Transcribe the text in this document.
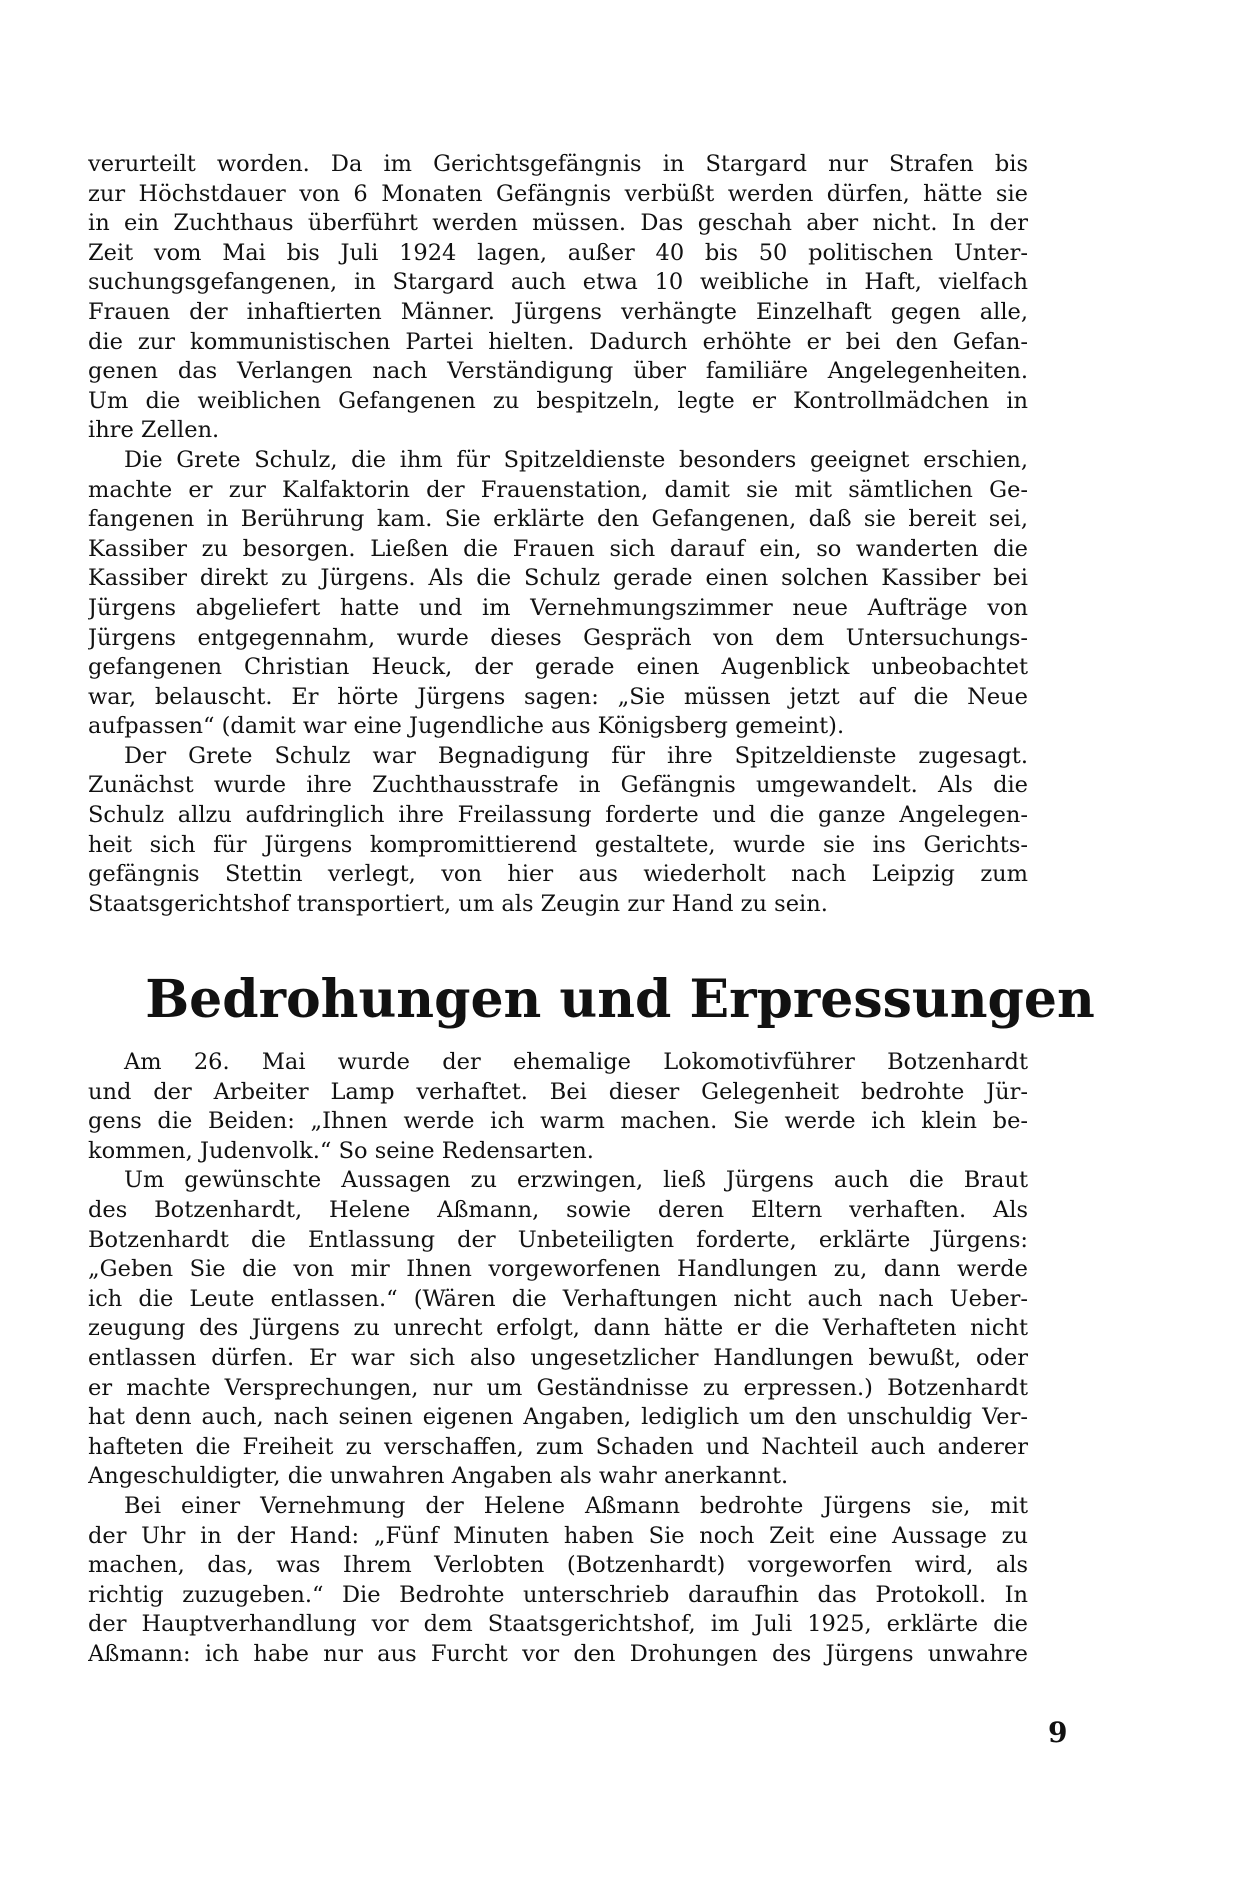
verurteilt worden. Da im Gerichtsgefängnis in Stargard nur Strafen bis
zur Höchstdauer von 6 Monaten Gefängnis verbüßt werden dürfen, hätte sie
in ein Zuchthaus überführt werden müssen. Das geschah aber nicht. In der
Zeit vom Mai bis Juli 1924 lagen, außer 40 bis 50 politischen Unter-
suchungsgefangenen, in Stargard auch etwa 10 weibliche in Haft, vielfach
Frauen der inhaftierten Männer. Jürgens verhängte Einzelhaft gegen alle,
die zur kommunistischen Partei hielten. Dadurch erhöhte er bei den Gefan-
genen das Verlangen nach Verständigung über familiäre Angelegenheiten.
Um die weiblichen Gefangenen zu bespitzeln, legte er Kontrollmädchen in
ihre Zellen.
Die Grete Schulz, die ihm für Spitzeldienste besonders geeignet erschien,
machte er zur Kalfaktorin der Frauenstation, damit sie mit sämtlichen Ge-
fangenen in Berührung kam. Sie erklärte den Gefangenen, daß sie bereit sei,
Kassiber zu besorgen. Ließen die Frauen sich darauf ein, so wanderten die
Kassiber direkt zu Jürgens. Als die Schulz gerade einen solchen Kassiber bei
Jürgens abgeliefert hatte und im Vernehmungszimmer neue Aufträge von
Jürgens entgegennahm, wurde dieses Gespräch von dem Untersuchungs-
gefangenen Christian Heuck, der gerade einen Augenblick unbeobachtet
war, belauscht. Er hörte Jürgens sagen: „Sie müssen jetzt auf die Neue
aufpassen“ (damit war eine Jugendliche aus Königsberg gemeint).
Der Grete Schulz war Begnadigung für ihre Spitzeldienste zugesagt.
Zunächst wurde ihre Zuchthausstrafe in Gefängnis umgewandelt. Als die
Schulz allzu aufdringlich ihre Freilassung forderte und die ganze Angelegen-
heit sich für Jürgens kompromittierend gestaltete, wurde sie ins Gerichts-
gefängnis Stettin verlegt, von hier aus wiederholt nach Leipzig zum
Staatsgerichtshof transportiert, um als Zeugin zur Hand zu sein.
Bedrohungen und Erpressungen
Am 26. Mai wurde der ehemalige Lokomotivführer Botzenhardt
und der Arbeiter Lamp verhaftet. Bei dieser Gelegenheit bedrohte Jür-
gens die Beiden: „Ihnen werde ich warm machen. Sie werde ich klein be-
kommen, Judenvolk.“ So seine Redensarten.
Um gewünschte Aussagen zu erzwingen, ließ Jürgens auch die Braut
des Botzenhardt, Helene Aßmann, sowie deren Eltern verhaften. Als
Botzenhardt die Entlassung der Unbeteiligten forderte, erklärte Jürgens:
„Geben Sie die von mir Ihnen vorgeworfenen Handlungen zu, dann werde
ich die Leute entlassen.“ (Wären die Verhaftungen nicht auch nach Ueber-
zeugung des Jürgens zu unrecht erfolgt, dann hätte er die Verhafteten nicht
entlassen dürfen. Er war sich also ungesetzlicher Handlungen bewußt, oder
er machte Versprechungen, nur um Geständnisse zu erpressen.) Botzenhardt
hat denn auch, nach seinen eigenen Angaben, lediglich um den unschuldig Ver-
hafteten die Freiheit zu verschaffen, zum Schaden und Nachteil auch anderer
Angeschuldigter, die unwahren Angaben als wahr anerkannt.
Bei einer Vernehmung der Helene Aßmann bedrohte Jürgens sie, mit
der Uhr in der Hand: „Fünf Minuten haben Sie noch Zeit eine Aussage zu
machen, das, was Ihrem Verlobten (Botzenhardt) vorgeworfen wird, als
richtig zuzugeben.“ Die Bedrohte unterschrieb daraufhin das Protokoll. In
der Hauptverhandlung vor dem Staatsgerichtshof, im Juli 1925, erklärte die
Aßmann: ich habe nur aus Furcht vor den Drohungen des Jürgens unwahre
9
